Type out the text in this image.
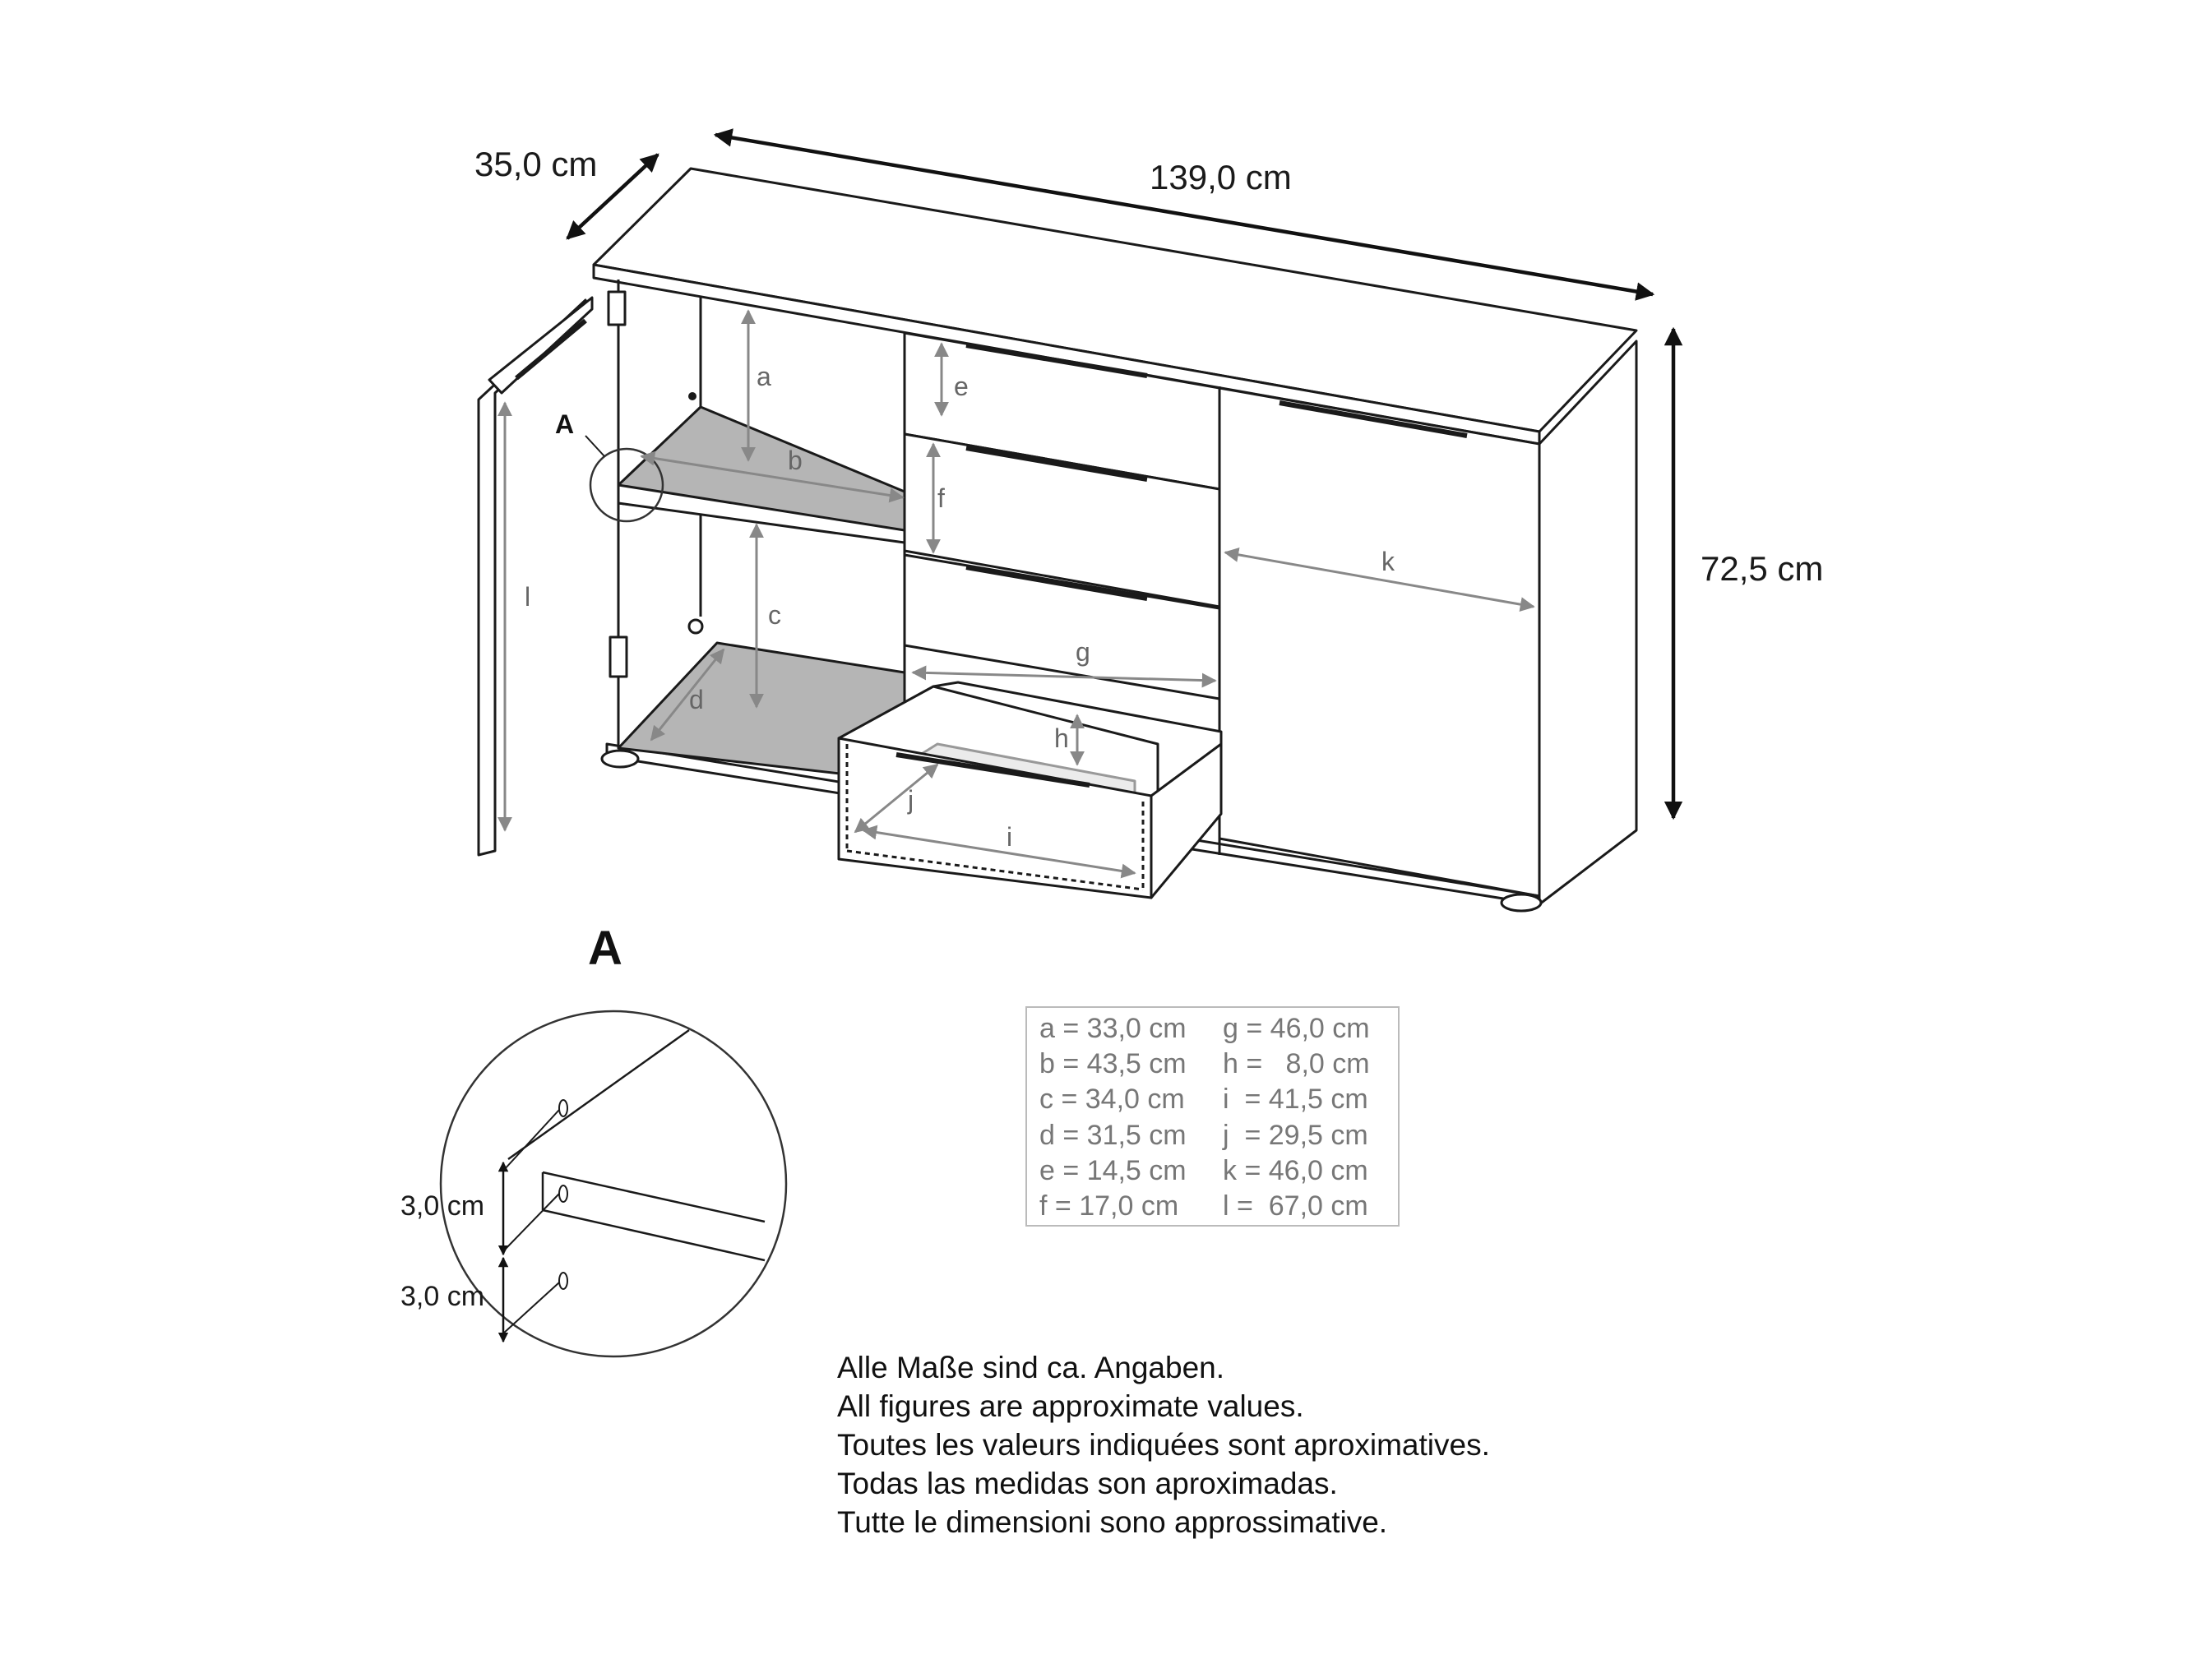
35,0 cm	139,0 cm
72,5 cm
a
b
c
d
e
f
g
h
i
j
k
l
A
A
3,0 cm
3,0 cm
a = 33,0 cm
b = 43,5 cm
c = 34,0 cm
d = 31,5 cm
e = 14,5 cm
f = 17,0 cm
g = 46,0 cm
h =   8,0 cm
i  = 41,5 cm
j  = 29,5 cm
k = 46,0 cm
l =  67,0 cm
Alle Maße sind ca. Angaben.
All figures are approximate values.
Toutes les valeurs indiquées sont aproximatives.
Todas las medidas son aproximadas.
Tutte le dimensioni sono approssimative.
